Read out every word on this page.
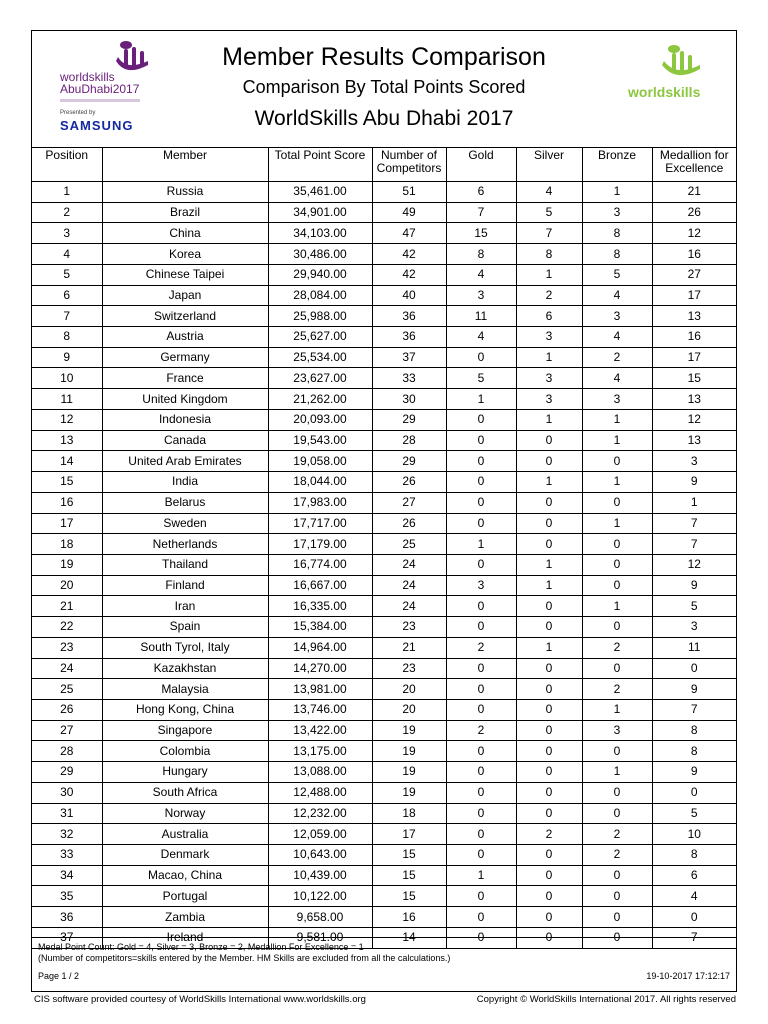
worldskills
AbuDhabi2017
Presented by
SAMSUNG
Member Results Comparison
Comparison By Total Points Scored
WorldSkills Abu Dhabi 2017
worldskills
Position	Member	Total Point Score	Number of Competitors	Gold	Silver	Bronze	Medallion for Excellence
1	Russia	35,461.00	51	6	4	1	21
2	Brazil	34,901.00	49	7	5	3	26
3	China	34,103.00	47	15	7	8	12
4	Korea	30,486.00	42	8	8	8	16
5	Chinese Taipei	29,940.00	42	4	1	5	27
6	Japan	28,084.00	40	3	2	4	17
7	Switzerland	25,988.00	36	11	6	3	13
8	Austria	25,627.00	36	4	3	4	16
9	Germany	25,534.00	37	0	1	2	17
10	France	23,627.00	33	5	3	4	15
11	United Kingdom	21,262.00	30	1	3	3	13
12	Indonesia	20,093.00	29	0	1	1	12
13	Canada	19,543.00	28	0	0	1	13
14	United Arab Emirates	19,058.00	29	0	0	0	3
15	India	18,044.00	26	0	1	1	9
16	Belarus	17,983.00	27	0	0	0	1
17	Sweden	17,717.00	26	0	0	1	7
18	Netherlands	17,179.00	25	1	0	0	7
19	Thailand	16,774.00	24	0	1	0	12
20	Finland	16,667.00	24	3	1	0	9
21	Iran	16,335.00	24	0	0	1	5
22	Spain	15,384.00	23	0	0	0	3
23	South Tyrol, Italy	14,964.00	21	2	1	2	11
24	Kazakhstan	14,270.00	23	0	0	0	0
25	Malaysia	13,981.00	20	0	0	2	9
26	Hong Kong, China	13,746.00	20	0	0	1	7
27	Singapore	13,422.00	19	2	0	3	8
28	Colombia	13,175.00	19	0	0	0	8
29	Hungary	13,088.00	19	0	0	1	9
30	South Africa	12,488.00	19	0	0	0	0
31	Norway	12,232.00	18	0	0	0	5
32	Australia	12,059.00	17	0	2	2	10
33	Denmark	10,643.00	15	0	0	2	8
34	Macao, China	10,439.00	15	1	0	0	6
35	Portugal	10,122.00	15	0	0	0	4
36	Zambia	9,658.00	16	0	0	0	0
37	Ireland	9,581.00	14	0	0	0	7
Medal Point Count: Gold = 4, Silver = 3, Bronze = 2, Medallion For Excellence = 1
(Number of competitors=skills entered by the Member. HM Skills are excluded from all the calculations.)
Page 1 / 2	19-10-2017 17:12:17
CIS software provided courtesy of WorldSkills International www.worldskills.org	Copyright © WorldSkills International 2017. All rights reserved
